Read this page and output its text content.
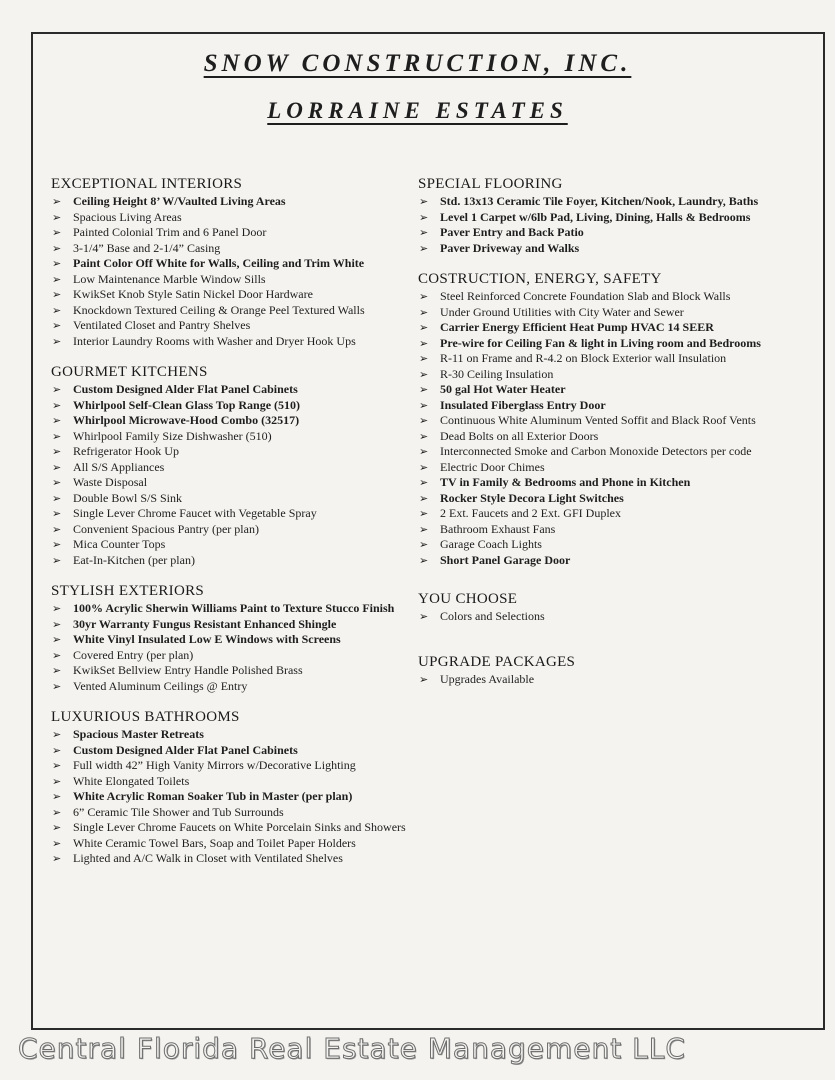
SNOW CONSTRUCTION, INC.
LORRAINE ESTATES
EXCEPTIONAL INTERIORS
➢ Ceiling Height 8’ W/Vaulted Living Areas
➢ Spacious Living Areas
➢ Painted Colonial Trim and 6 Panel Door
➢ 3-1/4” Base and 2-1/4” Casing
➢ Paint Color Off White for Walls, Ceiling and Trim White
➢ Low Maintenance Marble Window Sills
➢ KwikSet Knob Style Satin Nickel Door Hardware
➢ Knockdown Textured Ceiling & Orange Peel Textured Walls
➢ Ventilated Closet and Pantry Shelves
➢ Interior Laundry Rooms with Washer and Dryer Hook Ups
GOURMET KITCHENS
➢ Custom Designed Alder Flat Panel Cabinets
➢ Whirlpool Self-Clean Glass Top Range (510)
➢ Whirlpool Microwave-Hood Combo (32517)
➢ Whirlpool Family Size Dishwasher (510)
➢ Refrigerator Hook Up
➢ All S/S Appliances
➢ Waste Disposal
➢ Double Bowl S/S Sink
➢ Single Lever Chrome Faucet with Vegetable Spray
➢ Convenient Spacious Pantry (per plan)
➢ Mica Counter Tops
➢ Eat-In-Kitchen (per plan)
STYLISH EXTERIORS
➢ 100% Acrylic Sherwin Williams Paint to Texture Stucco Finish
➢ 30yr Warranty Fungus Resistant Enhanced Shingle
➢ White Vinyl Insulated Low E Windows with Screens
➢ Covered Entry (per plan)
➢ KwikSet Bellview Entry Handle Polished Brass
➢ Vented Aluminum Ceilings @ Entry
LUXURIOUS BATHROOMS
➢ Spacious Master Retreats
➢ Custom Designed Alder Flat Panel Cabinets
➢ Full width 42” High Vanity Mirrors w/Decorative Lighting
➢ White Elongated Toilets
➢ White Acrylic Roman Soaker Tub in Master (per plan)
➢ 6” Ceramic Tile Shower and Tub Surrounds
➢ Single Lever Chrome Faucets on White Porcelain Sinks and Showers
➢ White Ceramic Towel Bars, Soap and Toilet Paper Holders
➢ Lighted and A/C Walk in Closet with Ventilated Shelves
SPECIAL FLOORING
➢ Std. 13x13 Ceramic Tile Foyer, Kitchen/Nook, Laundry, Baths
➢ Level 1 Carpet w/6lb Pad, Living, Dining, Halls & Bedrooms
➢ Paver Entry and Back Patio
➢ Paver Driveway and Walks
COSTRUCTION, ENERGY, SAFETY
➢ Steel Reinforced Concrete Foundation Slab and Block Walls
➢ Under Ground Utilities with City Water and Sewer
➢ Carrier Energy Efficient Heat Pump HVAC 14 SEER
➢ Pre-wire for Ceiling Fan & light in Living room and Bedrooms
➢ R-11 on Frame and R-4.2 on Block Exterior wall Insulation
➢ R-30 Ceiling Insulation
➢ 50 gal Hot Water Heater
➢ Insulated Fiberglass Entry Door
➢ Continuous White Aluminum Vented Soffit and Black Roof Vents
➢ Dead Bolts on all Exterior Doors
➢ Interconnected Smoke and Carbon Monoxide Detectors per code
➢ Electric Door Chimes
➢ TV in Family & Bedrooms and Phone in Kitchen
➢ Rocker Style Decora Light Switches
➢ 2 Ext. Faucets and 2 Ext. GFI Duplex
➢ Bathroom Exhaust Fans
➢ Garage Coach Lights
➢ Short Panel Garage Door
YOU CHOOSE
➢ Colors and Selections
UPGRADE PACKAGES
➢ Upgrades Available
Central Florida Real Estate Management LLC
